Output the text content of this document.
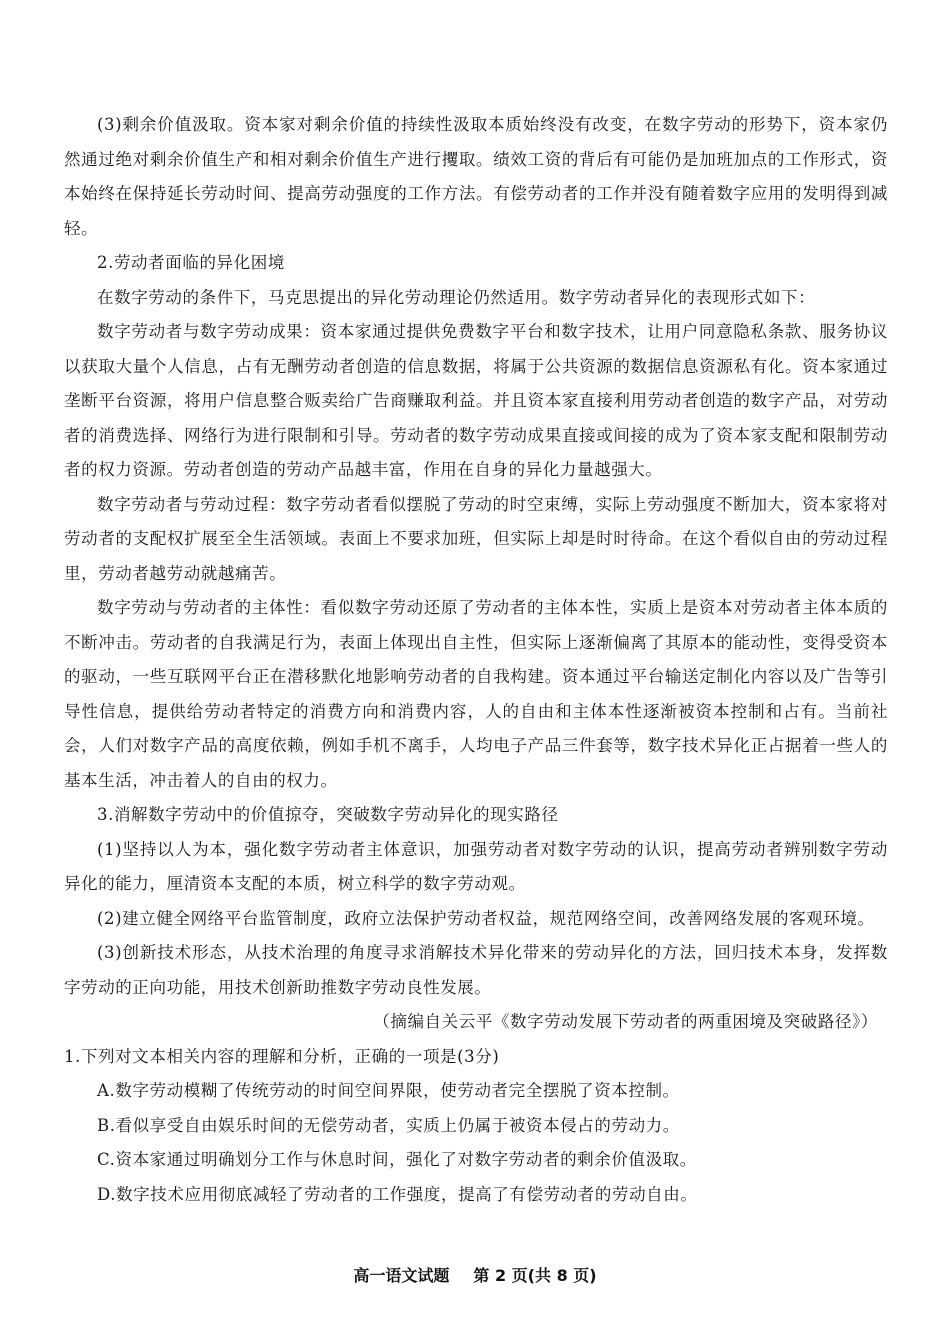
(3)剩余价值汲取。资本家对剩余价值的持续性汲取本质始终没有改变，在数字劳动的形势下，资本家仍然通过绝对剩余价值生产和相对剩余价值生产进行攫取。绩效工资的背后有可能仍是加班加点的工作形式，资本始终在保持延长劳动时间、提高劳动强度的工作方法。有偿劳动者的工作并没有随着数字应用的发明得到减轻。

2.劳动者面临的异化困境

在数字劳动的条件下，马克思提出的异化劳动理论仍然适用。数字劳动者异化的表现形式如下：

数字劳动者与数字劳动成果：资本家通过提供免费数字平台和数字技术，让用户同意隐私条款、服务协议以获取大量个人信息，占有无酬劳动者创造的信息数据，将属于公共资源的数据信息资源私有化。资本家通过垄断平台资源，将用户信息整合贩卖给广告商赚取利益。并且资本家直接利用劳动者创造的数字产品，对劳动者的消费选择、网络行为进行限制和引导。劳动者的数字劳动成果直接或间接的成为了资本家支配和限制劳动者的权力资源。劳动者创造的劳动产品越丰富，作用在自身的异化力量越强大。

数字劳动者与劳动过程：数字劳动者看似摆脱了劳动的时空束缚，实际上劳动强度不断加大，资本家将对劳动者的支配权扩展至全生活领域。表面上不要求加班，但实际上却是时时待命。在这个看似自由的劳动过程里，劳动者越劳动就越痛苦。

数字劳动与劳动者的主体性：看似数字劳动还原了劳动者的主体本性，实质上是资本对劳动者主体本质的不断冲击。劳动者的自我满足行为，表面上体现出自主性，但实际上逐渐偏离了其原本的能动性，变得受资本的驱动，一些互联网平台正在潜移默化地影响劳动者的自我构建。资本通过平台输送定制化内容以及广告等引导性信息，提供给劳动者特定的消费方向和消费内容，人的自由和主体本性逐渐被资本控制和占有。当前社会，人们对数字产品的高度依赖，例如手机不离手，人均电子产品三件套等，数字技术异化正占据着一些人的基本生活，冲击着人的自由的权力。

3.消解数字劳动中的价值掠夺，突破数字劳动异化的现实路径

(1)坚持以人为本，强化数字劳动者主体意识，加强劳动者对数字劳动的认识，提高劳动者辨别数字劳动异化的能力，厘清资本支配的本质，树立科学的数字劳动观。

(2)建立健全网络平台监管制度，政府立法保护劳动者权益，规范网络空间，改善网络发展的客观环境。

(3)创新技术形态，从技术治理的角度寻求消解技术异化带来的劳动异化的方法，回归技术本身，发挥数字劳动的正向功能，用技术创新助推数字劳动良性发展。

（摘编自关云平《数字劳动发展下劳动者的两重困境及突破路径》）

1.下列对文本相关内容的理解和分析，正确的一项是(3分)

A.数字劳动模糊了传统劳动的时间空间界限，使劳动者完全摆脱了资本控制。

B.看似享受自由娱乐时间的无偿劳动者，实质上仍属于被资本侵占的劳动力。

C.资本家通过明确划分工作与休息时间，强化了对数字劳动者的剩余价值汲取。

D.数字技术应用彻底减轻了劳动者的工作强度，提高了有偿劳动者的劳动自由。

高一语文试题 第 2 页(共 8 页)
